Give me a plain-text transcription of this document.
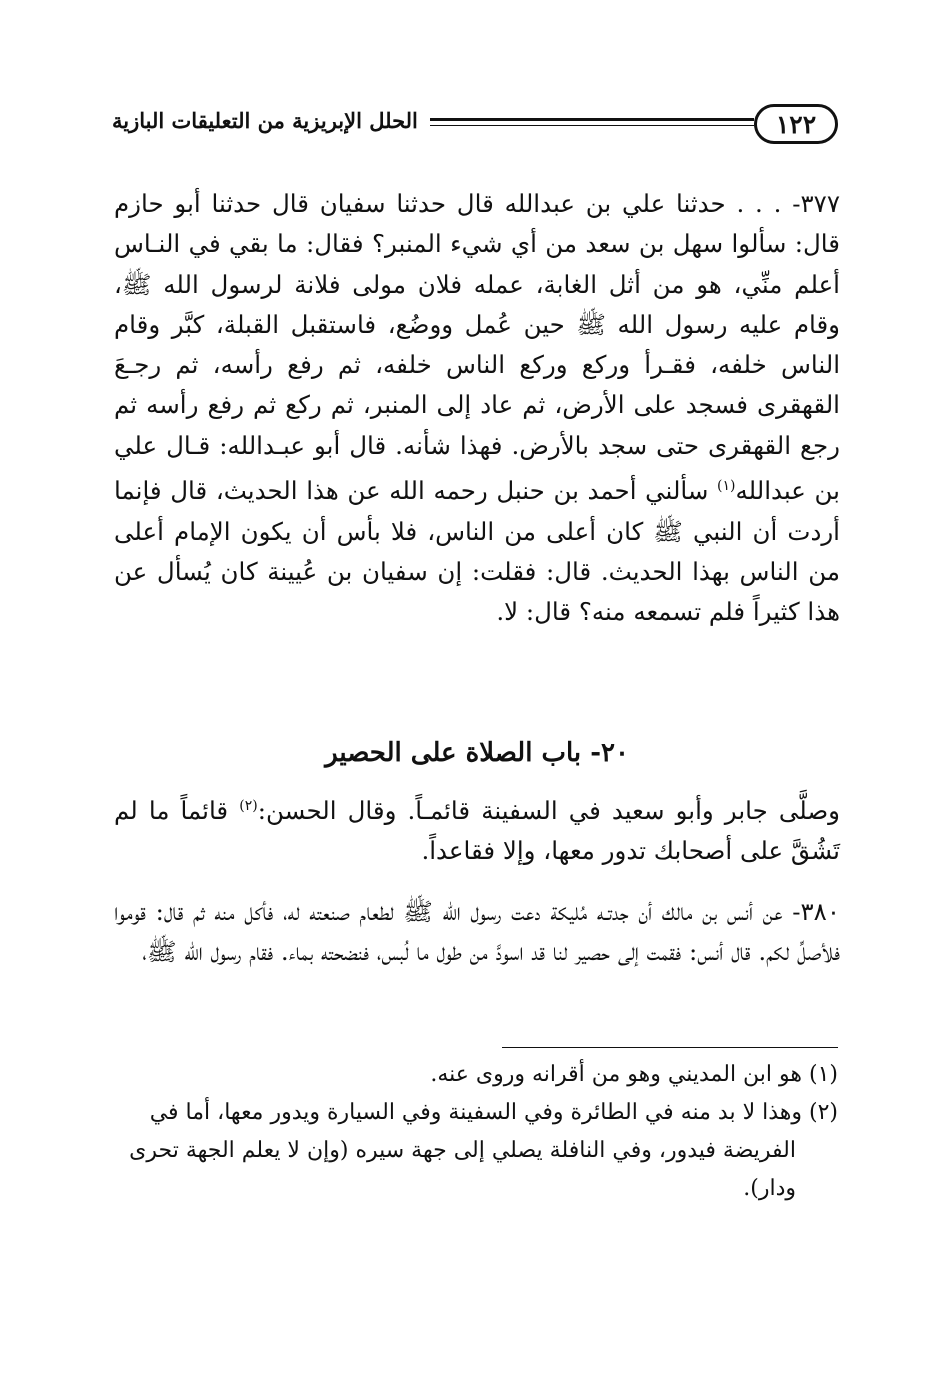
١٢٢
الحلل الإبريزية من التعليقات البازية

٣٧٧- . . . حدثنا علي بن عبدالله قال حدثنا سفيان قال حدثنا أبو حازم قال: سألوا سهل بن سعد من أي شيء المنبر؟ فقال: ما بقي في النـاس أعلم منِّي، هو من أثل الغابة، عمله فلان مولى فلانة لرسول الله ﷺ، وقام عليه رسول الله ﷺ حين عُمل ووضُع، فاستقبل القبلة، كبَّر وقام الناس خلفه، فقـرأ وركع وركع الناس خلفه، ثم رفع رأسه، ثم رجـعَ القهقرى فسجد على الأرض، ثم عاد إلى المنبر، ثم ركع ثم رفع رأسه ثم رجع القهقرى حتى سجد بالأرض. فهذا شأنه. قال أبو عبـدالله: قـال علي بن عبدالله$^{(١)}$ سألني أحمد بن حنبل رحمه الله عن هذا الحديث، قال فإنما أردت أن النبي ﷺ كان أعلى من الناس، فلا بأس أن يكون الإمام أعلى من الناس بهذا الحديث. قال: فقلت: إن سفيان بن عُيينة كان يُسأل عن هذا كثيراً فلم تسمعه منه؟ قال: لا.

٢٠- باب الصلاة على الحصير

وصلَّى جابر وأبو سعيد في السفينة قائمـاً. وقال الحسن:$^{(٢)}$ قائماً ما لم تَشُقَّ على أصحابك تدور معها، وإلا فقاعداً.

٣٨٠- عن أنس بن مالك أن جدتـه مُليكة دعت رسول الله ﷺ لطعام صنعته له، فأكل منه ثم قال: قوموا فلأصلِّ لكم. قال أنس: فقمت إلى حصير لنا قد اسودَّ من طول ما لُبس، فنضحته بماء. فقام رسول الله ﷺ،

(١) هو ابن المديني وهو من أقرانه وروى عنه.

(٢) وهذا لا بد منه في الطائرة وفي السفينة وفي السيارة ويدور معها، أما في الفريضة فيدور، وفي النافلة يصلي إلى جهة سيره (وإن لا يعلم الجهة تحرى ودار).
